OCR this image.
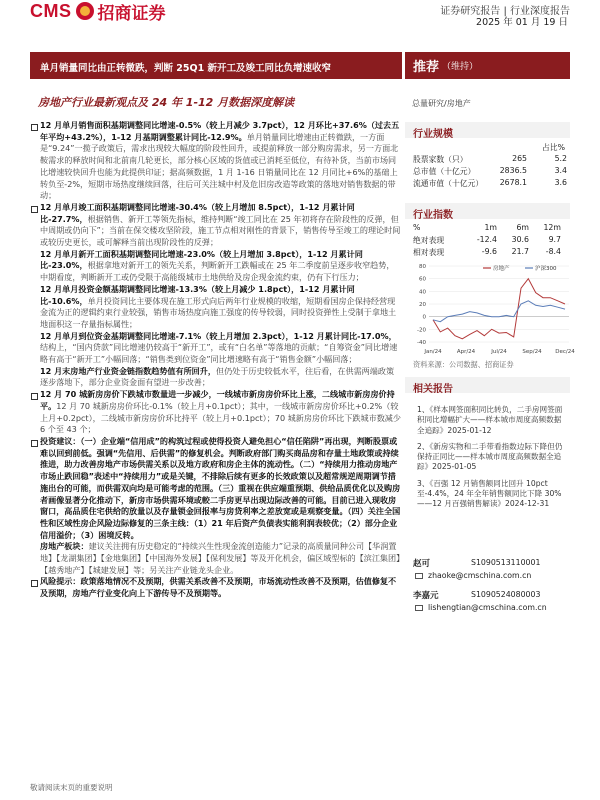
CMS 招商证券	证券研究报告 | 行业深度报告
2025 年 01 月 19 日
单月销量同比由正转微跌，判断 25Q1 新开工及竣工同比负增速收窄	推荐 （维持）
房地产行业最新观点及 24 年 1-12 月数据深度解读	总量研究/房地产
12 月单月销售面积基期调整同比增速-0.5%（较上月减少 3.7pct），12 月环比+37.6%（过去五年平均+43.2%），1-12 月基期调整累计同比-12.9%。单月销量同比增速由正转微跌，一方面是“9.24”一揽子政策后，需求出现较大幅度的阶段性回升，或提前释放一部分购房需求，另一方面北鞍需求的释放时间和北前南几轮更长，部分核心区域的货值或已消耗至低位，有待补货，当前市场同比增速较快回升也能为此提供印证；据高频数据，1 月 1-16 日销量同比在 12 月同比+6%的基础上转负至-2%，短期市场热度继续回落，往后可关注城中村及危旧房改造等政策的落地对销售数据的带动；
12 月单月竣工面积基期调整同比增速-30.4%（较上月增加 8.5pct），1-12 月累计同比-27.7%，根据销售、新开工等领先指标，维持判断“竣工同比在 25 年初将存在阶段性的反弹，但中周期或仍向下”；当前在保交楼攻坚阶段，施工节点相对刚性的背景下，销售传导至竣工的理论时间或较历史更长，或可解释当前出现阶段性的反弹；
12 月单月新开工面积基期调整同比增速-23.0%（较上月增加 3.8pct），1-12 月累计同比-23.0%，根据拿地对新开工的领先关系，判断新开工跌幅或在 25 年二季度前呈逐步收窄趋势，中期看度，判断新开工或仍受限于高能级城市土地供给及房企现金流约束，仍有下行压力；
12 月单月投资金额基期调整同比增速-13.3%（较上月减少 1.8pct），1-12 月累计同比-10.6%，单月投资同比主要体现在施工形式向后两年行业规模的收缩，短期看国房企保持经营现金流为正的逻辑约束行业较强，销售市场热度向施工强度的传导较弱，同时投资弹性上受制于拿地土地面积这一存量指标属性；
12 月单月到位资金基期调整同比增速-7.1%（较上月增加 2.3pct），1-12 月累计同比-17.0%，结构上，“国内贷款”同比增速仍较高于“新开工”，或有“白名单”等落地的贡献；“自筹资金”同比增速略有高于“新开工”小幅回落；“销售类到位资金”同比增速略有高于“销售金额”小幅回落；
12 月末房地产行业资金链指数趋势值有所回升，但仍处于历史较低水平，往后看，在供需两端政策逐步落地下，部分企业资金面有望进一步改善；
12 月 70 城新房房价下跌城市数量进一步减少，一线城市新房房价环比上涨，二线城市新房房价持平。12 月 70 城新房房价环比-0.1%（较上月+0.1pct）；其中，一线城市新房房价环比+0.2%（较上月+0.2pct），二线城市新房房价环比持平（较上月+0.1pct）；70 城新房房价环比下跌城市数减少 6 个至 43 个；
投资建议：（一）企业端“信用成”的构筑过程或使得投资人避免担心“信任陷阱”再出现，判断股票或难以回到前低。强调“先信用、后供需”的修复机会。判断政府部门购买商品房和存量土地政策或持续推进，助力改善房地产市场供需关系以及地方政府和房企主体的流动性。（二）“持续用力推动房地产市场止跌回稳”表述中“持续用力”或是关键，不排除后续有更多的长效政策以及超常规逆周期调节措施出台的可能，而供需双向均是可能考虑的范围。（三）重视在供应端重预期、供给品质优化以及购房者画像显著分化推动下，新房市场供需环境或較二手房更早出现边际改善的可能。目前已进入现收房窗口，高品质住宅供给的放量以及存量锁金回报率与房贷利率之差放宽或是观察变量。（四）关注全国性和区域性房企风险边际修复的三条主线：（1）21 年后资产负债表实能利润表较优；（2）部分企业信用溢价；（3）困境反转。
房地产板块：建议关注拥有历史稳定的“持续兴生性现金流创造能力”记录的高质量同种公司【华润置地】【龙湖集团】【金地集团】【中国海外发展】【保利发展】等及开化机会，偏区域型标的【滨江集团】【越秀地产】【城建发展】等；另关注产业链龙头企业。
风险提示：政策落地情况不及预期，供需关系改善不及预期，市场流动性改善不及预期，估值修复不及预期，房地产行业变化向上下游传导不及预期等。
行业规模
占比%
股票家数（只）	265	5.2
总市值（十亿元）	2836.5	3.4
流通市值（十亿元）	2678.1	3.6
行业指数
%	1m	6m	12m
绝对表现	-12.4	30.6	9.7
相对表现	-9.6	21.7	-8.4
80
60
40
20
0
-20
-40
Jan/24	Apr/24	Jul/24	Sep/24 Dec/24
房地产	沪深300
资料来源：公司数据、招商证券
相关报告
1、《样本网签面积同比转负，二手房网签面积同比增幅扩大——样本城市周度高频数据全追踪》2025-01-12
2、《新房实物和二手带看指数边际下降但仍保持正同比——样本城市周度高频数据全追踪》2025-01-05
3、《百强 12 月销售额同比回升 10pct 至-4.4%，24 年全年销售额同比下降 30%——12 月百强销售解读》2024-12-31
赵可	S1090513110001
zhaoke@cmschina.com.cn
李嘉元	S1090524080003
lishengtian@cmschina.com.cn
敬请阅读末页的重要说明
